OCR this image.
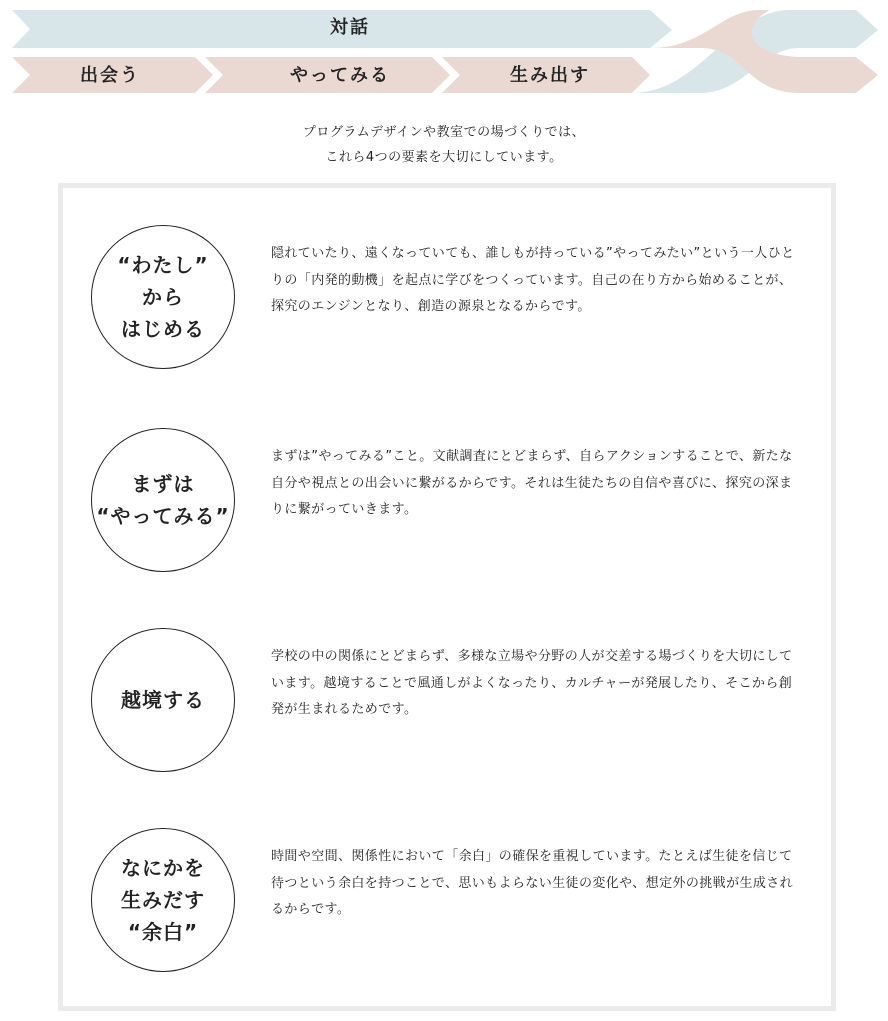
対話
出会う	やってみる	生み出す

プログラムデザインや教室での場づくりでは、

これら4つの要素を大切にしています。

“わたし”
から
はじめる
隠れていたり、遠くなっていても、誰しもが持っている”やってみたい”という一人ひとりの「内発的動機」を起点に学びをつくっています。自己の在り方から始めることが、探究のエンジンとなり、創造の源泉となるからです。
まずは
“やってみる”
まずは”やってみる”こと。文献調査にとどまらず、自らアクションすることで、新たな自分や視点との出会いに繋がるからです。それは生徒たちの自信や喜びに、探究の深まりに繋がっていきます。
越境する
学校の中の関係にとどまらず、多様な立場や分野の人が交差する場づくりを大切にしています。越境することで風通しがよくなったり、カルチャーが発展したり、そこから創発が生まれるためです。
なにかを
生みだす
“余白”
時間や空間、関係性において「余白」の確保を重視しています。たとえば生徒を信じて待つという余白を持つことで、思いもよらない生徒の変化や、想定外の挑戦が生成されるからです。
